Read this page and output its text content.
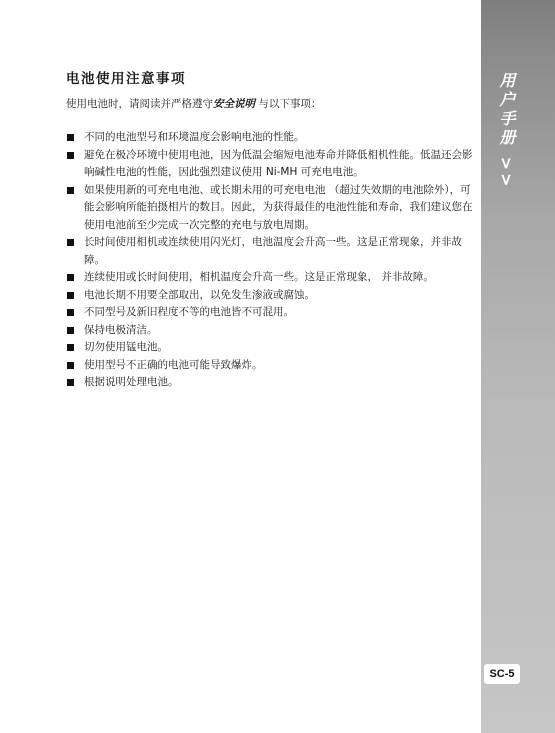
用户手册 >>
SC-5
电池使用注意事项
使用电池时，请阅读并严格遵守安全说明 与以下事项：
不同的电池型号和环境温度会影响电池的性能。
避免在极冷环境中使用电池，因为低温会缩短电池寿命并降低相机性能。低温还会影响碱性电池的性能，因此强烈建议使用 Ni-MH 可充电电池。
如果使用新的可充电电池、或长期未用的可充电电池 （超过失效期的电池除外），可能会影响所能拍摄相片的数目。因此，为获得最佳的电池性能和寿命，我们建议您在使用电池前至少完成一次完整的充电与放电周期。
长时间使用相机或连续使用闪光灯，电池温度会升高一些。这是正常现象，并非故障。
连续使用或长时间使用，相机温度会升高一些。这是正常现象， 并非故障。
电池长期不用要全部取出，以免发生渗液或腐蚀。
不同型号及新旧程度不等的电池皆不可混用。
保持电极清洁。
切勿使用锰电池。
使用型号不正确的电池可能导致爆炸。
根据说明处理电池。
